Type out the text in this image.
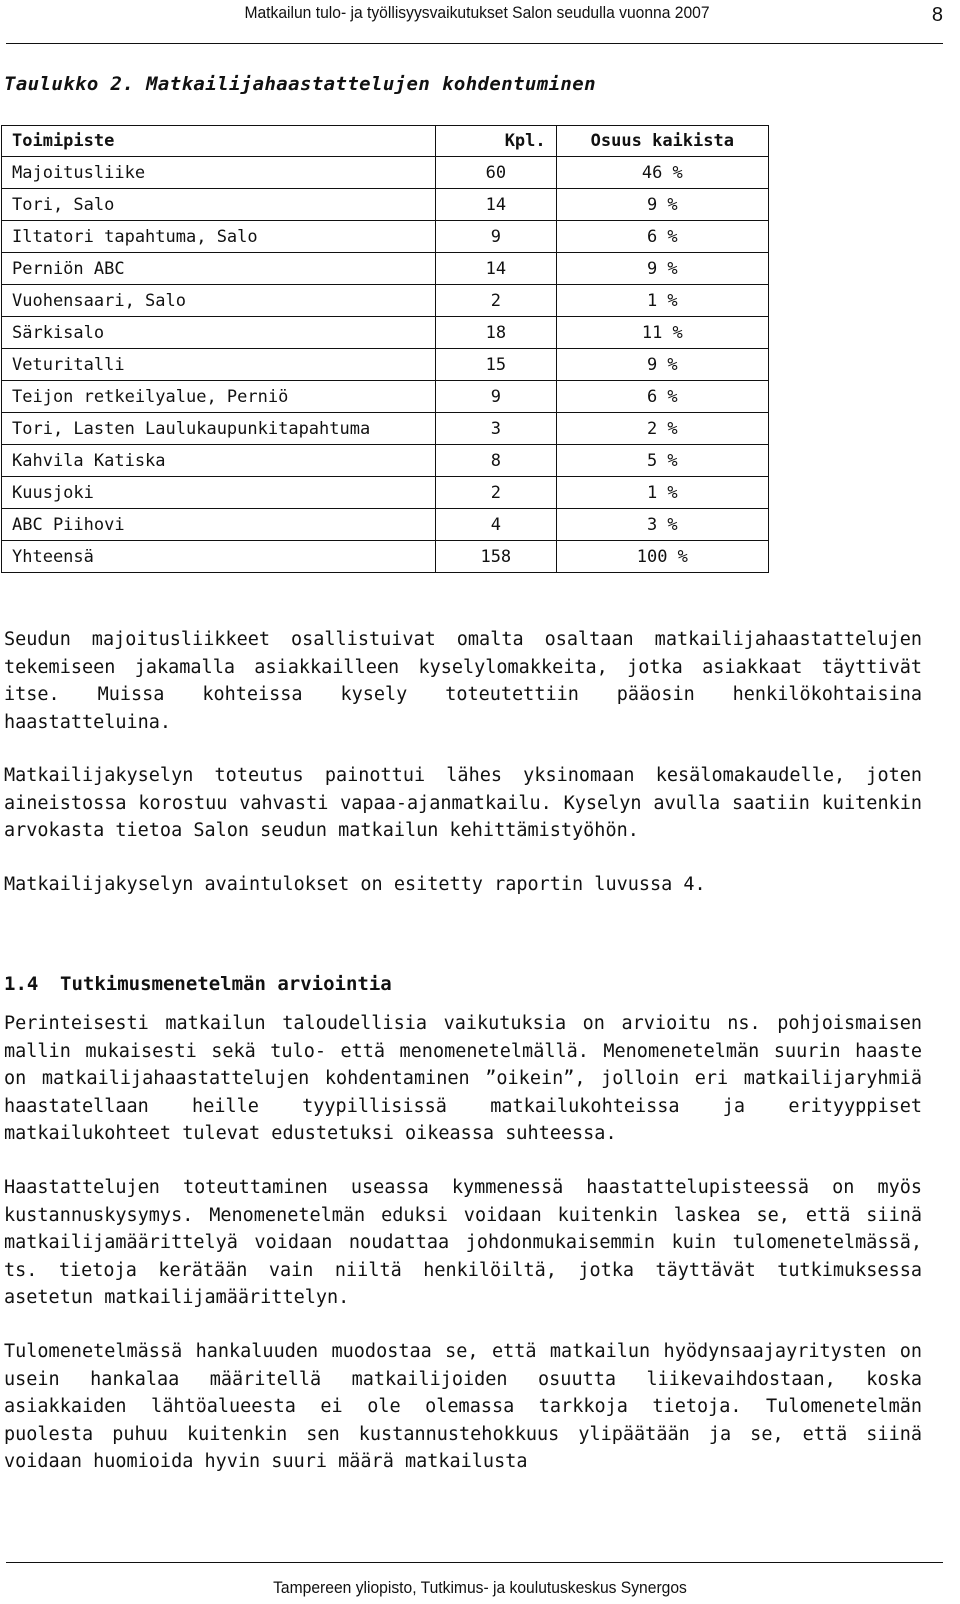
Matkailun tulo- ja työllisyysvaikutukset Salon seudulla vuonna 2007	8
Taulukko 2. Matkailijahaastattelujen kohdentuminen
Toimipiste	Kpl.	Osuus kaikista
Majoitusliike	60	46 %
Tori, Salo	14	9 %
Iltatori tapahtuma, Salo	9	6 %
Perniön ABC	14	9 %
Vuohensaari, Salo	2	1 %
Särkisalo	18	11 %
Veturitalli	15	9 %
Teijon retkeilyalue, Perniö	9	6 %
Tori, Lasten Laulukaupunkitapahtuma	3	2 %
Kahvila Katiska	8	5 %
Kuusjoki	2	1 %
ABC Piihovi	4	3 %
Yhteensä	158	100 %

Seudun majoitusliikkeet osallistuivat omalta osaltaan matkailijahaastattelujen tekemiseen jakamalla asiakkailleen kyselylomakkeita, jotka asiakkaat täyttivät itse. Muissa kohteissa kysely toteutettiin pääosin henkilökohtaisina haastatteluina.

Matkailijakyselyn toteutus painottui lähes yksinomaan kesälomakaudelle, joten aineistossa korostuu vahvasti vapaa-ajanmatkailu. Kyselyn avulla saatiin kuitenkin arvokasta tietoa Salon seudun matkailun kehittämistyöhön.

Matkailijakyselyn avaintulokset on esitetty raportin luvussa 4.

1.4 Tutkimusmenetelmän arviointia

Perinteisesti matkailun taloudellisia vaikutuksia on arvioitu ns. pohjoismaisen mallin mukaisesti sekä tulo- että menomenetelmällä. Menomenetelmän suurin haaste on matkailijahaastattelujen kohdentaminen ”oikein”, jolloin eri matkailijaryhmiä haastatellaan heille tyypillisissä matkailukohteissa ja erityyppiset matkailukohteet tulevat edustetuksi oikeassa suhteessa.

Haastattelujen toteuttaminen useassa kymmenessä haastattelupisteessä on myös kustannuskysymys. Menomenetelmän eduksi voidaan kuitenkin laskea se, että siinä matkailijamäärittelyä voidaan noudattaa johdonmukaisemmin kuin tulomenetelmässä, ts. tietoja kerätään vain niiltä henkilöiltä, jotka täyttävät tutkimuksessa asetetun matkailijamäärittelyn.

Tulomenetelmässä hankaluuden muodostaa se, että matkailun hyödynsaajayritysten on usein hankalaa määritellä matkailijoiden osuutta liikevaihdostaan, koska asiakkaiden lähtöalueesta ei ole olemassa tarkkoja tietoja. Tulomenetelmän puolesta puhuu kuitenkin sen kustannustehokkuus ylipäätään ja se, että siinä voidaan huomioida hyvin suuri määrä matkailusta

Tampereen yliopisto, Tutkimus- ja koulutuskeskus Synergos
